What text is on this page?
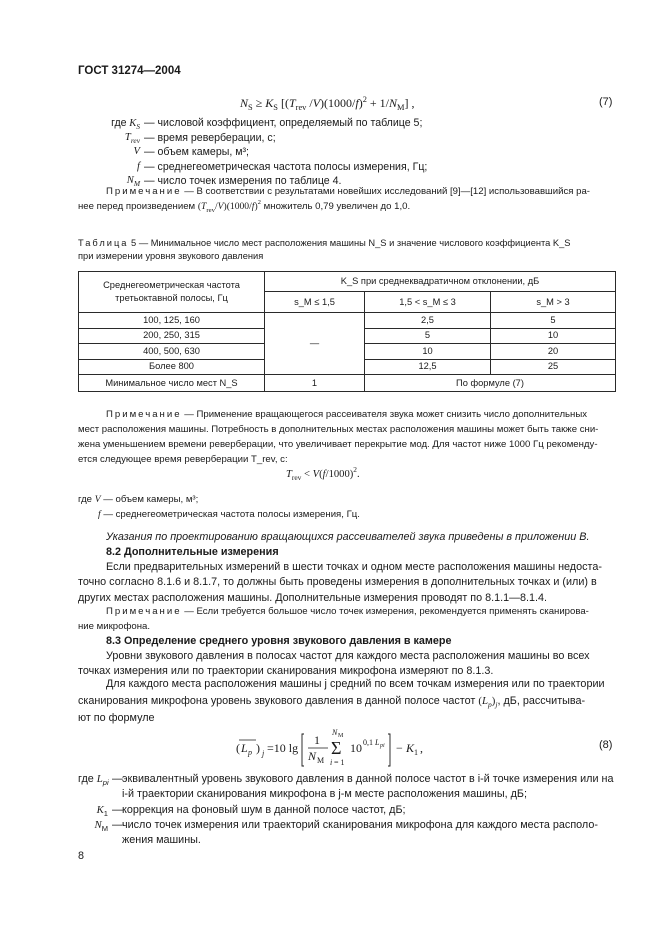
ГОСТ 31274—2004
$N_S \ge K_S$ [($T_{rev}$ $/V)(1000/f)^2 + 1/N_M$] ,	(7)
где $K_S$ — числовой коэффициент, определяемый по таблице 5;
$T_{rev}$ — время реверберации, с;
V — объем камеры, м³;
f — среднегеометрическая частота полосы измерения, Гц;
$N_M$ — число точек измерения по таблице 4.
Примечание — В соответствии с результатами новейших исследований [9]—[12] использовавшийся ра-
нее перед произведением $(T_{rev}/V)(1000/f)^2$ множитель 0,79 увеличен до 1,0.
Таблица 5 — Минимальное число мест расположения машины N_S и значение числового коэффициента K_S
при измерении уровня звукового давления
Среднегеометрическая частота третьоктавной полосы, Гц	K_S при среднеквадратичном отклонении, дБ		
	s_M ≤ 1,5	1,5 < s_M ≤ 3	s_M > 3
100, 125, 160	—	2,5	5
200, 250, 315		5	10
400, 500, 630		10	20
Более 800		12,5	25
Минимальное число мест N_S	1	По формуле (7)	
Примечание — Применение вращающегося рассеивателя звука может снизить число дополнительных
мест расположения машины. Потребность в дополнительных местах расположения машины может быть также сни-
жена уменьшением времени реверберации, что увеличивает перекрытие мод. Для частот ниже 1000 Гц рекоменду-
ется следующее время реверберации T_rev, с:
$T_{rev} < V(f/1000)^2$.
где V — объем камеры, м³;
f — среднегеометрическая частота полосы измерения, Гц.
Указания по проектированию вращающихся рассеивателей звука приведены в приложении В.
8.2 Дополнительные измерения
Если предварительных измерений в шести точках и одном месте расположения машины недоста-
точно согласно 8.1.6 и 8.1.7, то должны быть проведены измерения в дополнительных точках и (или) в
других местах расположения машины. Дополнительные измерения проводят по 8.1.1—8.1.4.
Примечание — Если требуется большое число точек измерения, рекомендуется применять сканирова-
ние микрофона.
8.3 Определение среднего уровня звукового давления в камере
Уровни звукового давления в полосах частот для каждого места расположения машины во всех
точках измерения или по траектории сканирования микрофона измеряют по 8.1.3.
Для каждого места расположения машины j средний по всем точкам измерения или по траектории
сканирования микрофона уровень звукового давления в данной полосе частот $(L_p)_j$, дБ, рассчитыва-
ют по формуле
( L p ) j =10 lg
1
N M
N M
Σ
i = 1
10 0,1 L pi − K 1 ,	(8)
где $L_{pi}$ — эквивалентный уровень звукового давления в данной полосе частот в i-й точке измерения или на i-й траектории сканирования микрофона в j-м месте расположения машины, дБ;
$K_1$ — коррекция на фоновый шум в данной полосе частот, дБ;
$N_M$ — число точек измерения или траекторий сканирования микрофона для каждого места располо-жения машины.
8
